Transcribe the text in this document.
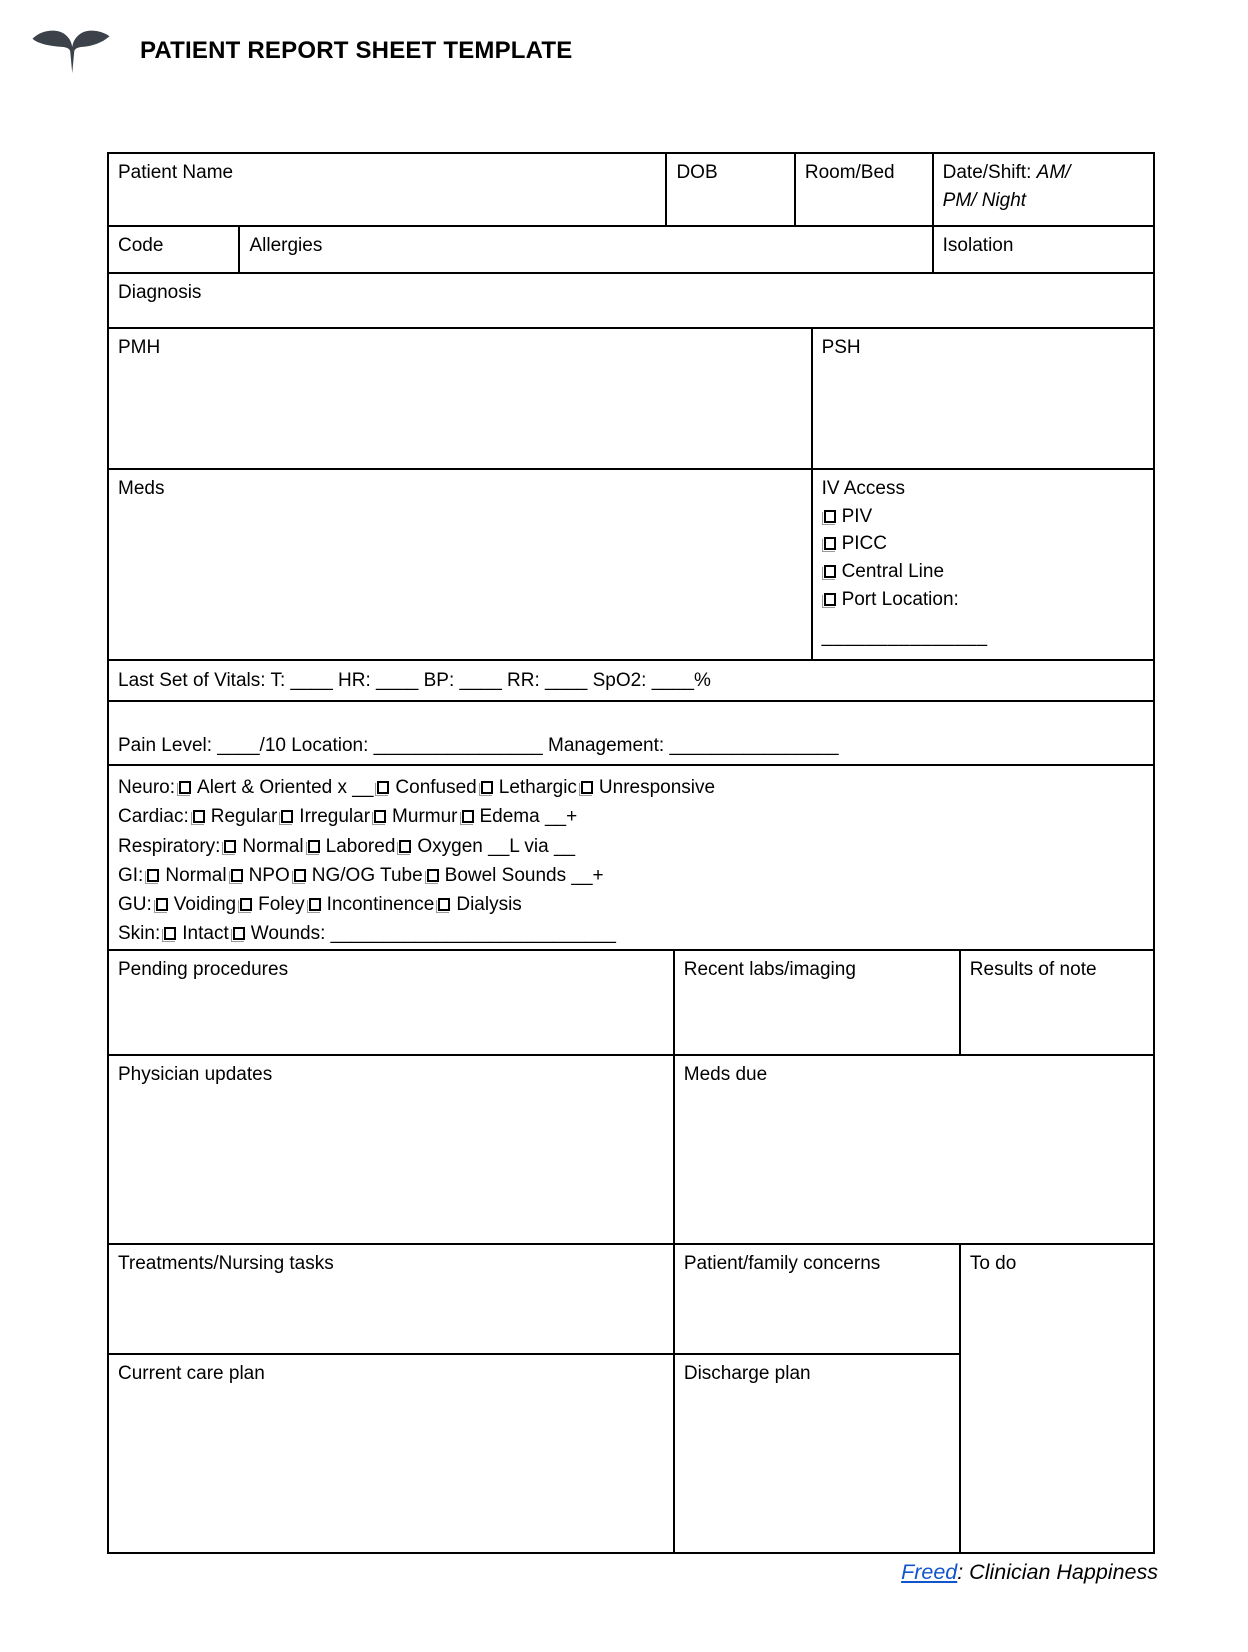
PATIENT REPORT SHEET TEMPLATE
Patient Name	DOB	Room/Bed	Date/Shift: AM/
PM/ Night
Code	Allergies	Isolation
Diagnosis
PMH	PSH
Meds	IV Access
PIV
PICC
Central Line
Port Location:
_______________
Last Set of Vitals: T: ____ HR: ____ BP: ____ RR: ____ SpO2: ____%
Pain Level: ____/10 Location: ________________ Management: ________________
Neuro: Alert & Oriented x __ Confused Lethargic Unresponsive
Cardiac: Regular Irregular Murmur Edema __+
Respiratory: Normal Labored Oxygen __L via __
GI: Normal NPO NG/OG Tube Bowel Sounds __+
GU: Voiding Foley Incontinence Dialysis
Skin: Intact Wounds: ___________________________
Pending procedures	Recent labs/imaging	Results of note
Physician updates	Meds due
Treatments/Nursing tasks	Patient/family concerns
Current care plan	Discharge plan
To do
Freed: Clinician Happiness
